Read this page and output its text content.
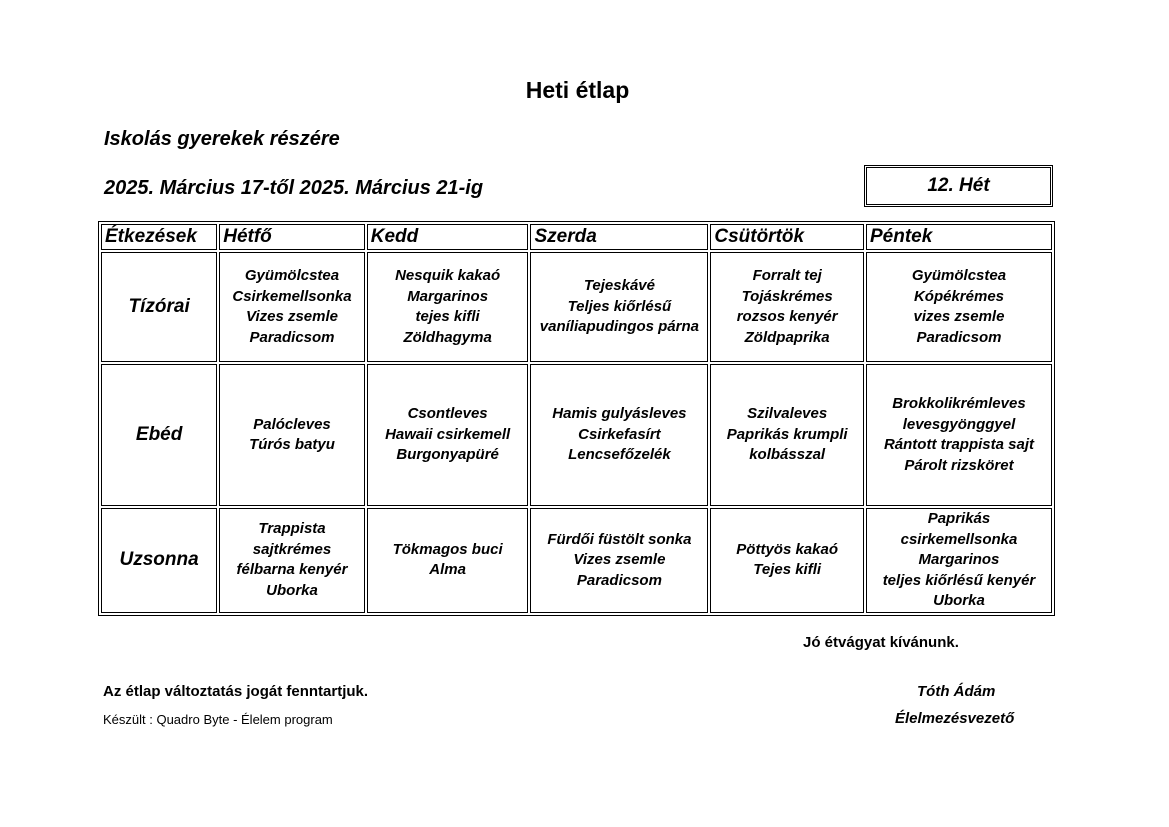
Heti étlap
Iskolás gyerekek részére
2025. Március 17-től 2025. Március 21-ig	12. Hét
Étkezések	Hétfő	Kedd	Szerda	Csütörtök	Péntek
Tízórai	Gyümölcstea
Csirkemellsonka
Vizes zsemle
Paradicsom	Nesquik kakaó
Margarinos
tejes kifli
Zöldhagyma	Tejeskávé
Teljes kiőrlésű
vaníliapudingos párna	Forralt tej
Tojáskrémes
rozsos kenyér
Zöldpaprika	Gyümölcstea
Kópékrémes
vizes zsemle
Paradicsom

Ebéd	Palócleves
Túrós batyu	Csontleves
Hawaii csirkemell
Burgonyapüré	Hamis gulyásleves
Csirkefasírt
Lencsefőzelék	Szilvaleves
Paprikás krumpli
kolbásszal	Brokkolikrémleves
levesgyönggyel
Rántott trappista sajt
Párolt rizsköret

Uzsonna	Trappista
sajtkrémes
félbarna kenyér
Uborka	Tökmagos buci
Alma	Fürdői füstölt sonka
Vizes zsemle
Paradicsom	Pöttyös kakaó
Tejes kifli	Paprikás
csirkemellsonka
Margarinos
teljes kiőrlésű kenyér
Uborka
Jó étvágyat kívánunk.
Az étlap változtatás jogát fenntartjuk.
Készült : Quadro Byte - Élelem program
Tóth Ádám
Élelmezésvezető
